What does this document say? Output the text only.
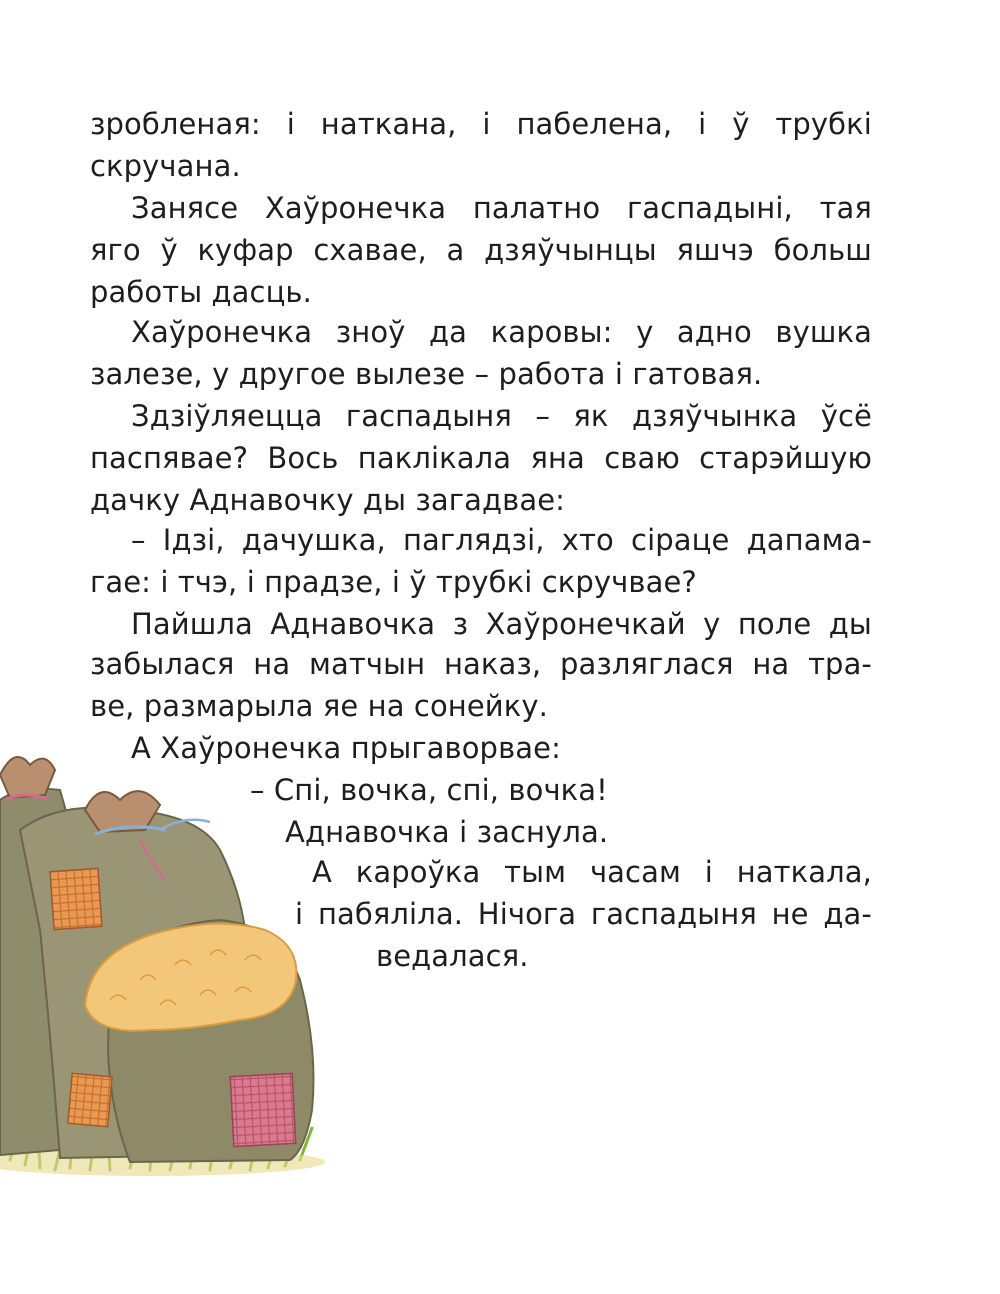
зробленая: і наткана, і пабелена, і ў трубкі

скручана.

Занясе Хаўронечка палатно гаспадыні, тая

яго ў куфар схавае, а дзяўчынцы яшчэ больш

работы дасць.

Хаўронечка зноў да каровы: у адно вушка

залезе, у другое вылезе – работа і гатовая.

Здзіўляецца гаспадыня – як дзяўчынка ўсё

паспявае? Вось паклікала яна сваю старэйшую

дачку Аднавочку ды загадвае:

– Ідзі, дачушка, паглядзі, хто сіраце дапама-

гае: і тчэ, і прадзе, і ў трубкі скручвае?

Пайшла Аднавочка з Хаўронечкай у поле ды

забылася на матчын наказ, разляглася на тра-

ве, размарыла яе на сонейку.

А Хаўронечка прыгаворвае:

– Спі, вочка, спі, вочка!

Аднавочка і заснула.

А кароўка тым часам і наткала,

і пабяліла. Нічога гаспадыня не да-

ведалася.
